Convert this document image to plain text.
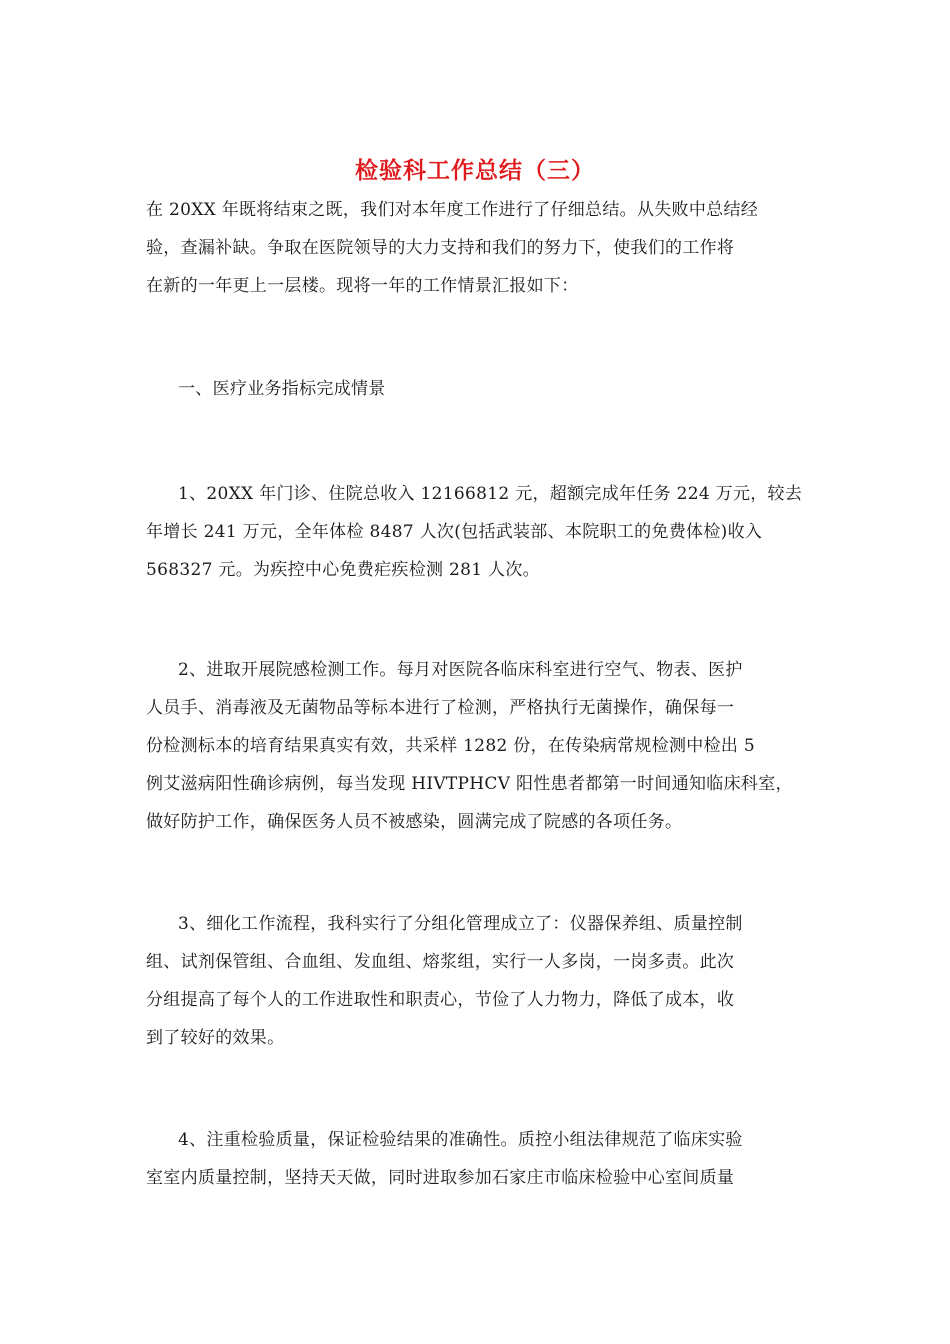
检验科工作总结（三）
在 20XX 年既将结束之既，我们对本年度工作进行了仔细总结。从失败中总结经
验，查漏补缺。争取在医院领导的大力支持和我们的努力下，使我们的工作将
在新的一年更上一层楼。现将一年的工作情景汇报如下：
一、医疗业务指标完成情景
1、20XX 年门诊、住院总收入 12166812 元，超额完成年任务 224 万元，较去
年增长 241 万元，全年体检 8487 人次(包括武装部、本院职工的免费体检)收入
568327 元。为疾控中心免费疟疾检测 281 人次。
2、进取开展院感检测工作。每月对医院各临床科室进行空气、物表、医护
人员手、消毒液及无菌物品等标本进行了检测，严格执行无菌操作，确保每一
份检测标本的培育结果真实有效，共采样 1282 份，在传染病常规检测中检出 5
例艾滋病阳性确诊病例，每当发现 HIVTPHCV 阳性患者都第一时间通知临床科室，
做好防护工作，确保医务人员不被感染，圆满完成了院感的各项任务。
3、细化工作流程，我科实行了分组化管理成立了：仪器保养组、质量控制
组、试剂保管组、合血组、发血组、熔浆组，实行一人多岗，一岗多责。此次
分组提高了每个人的工作进取性和职责心，节俭了人力物力，降低了成本，收
到了较好的效果。
4、注重检验质量，保证检验结果的准确性。质控小组法律规范了临床实验
室室内质量控制，坚持天天做，同时进取参加石家庄市临床检验中心室间质量
